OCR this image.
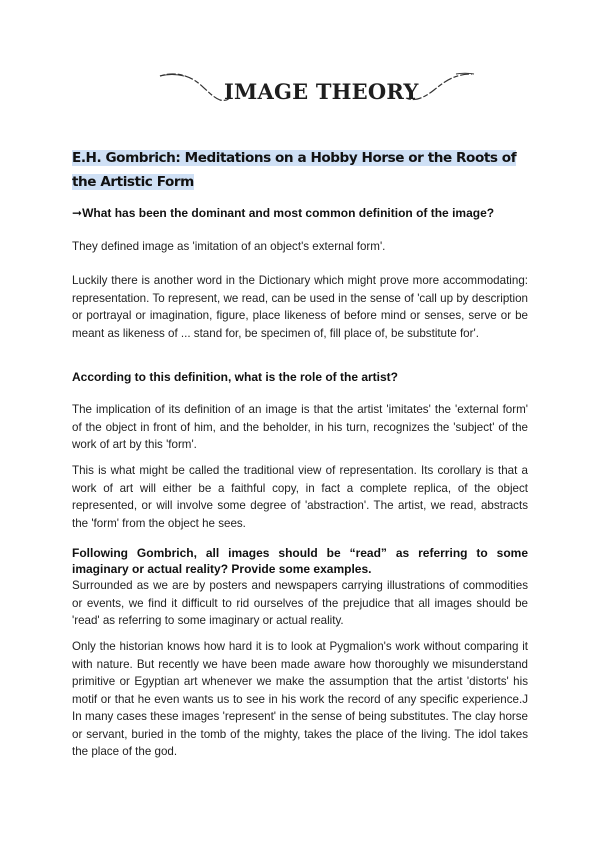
IMAGE THEORY
E.H. Gombrich: Meditations on a Hobby Horse or the Roots of the Artistic Form
➞What has been the dominant and most common definition of the image?
They defined image as 'imitation of an object's external form'.
Luckily there is another word in the Dictionary which might prove more accommodating: representation. To represent, we read, can be used in the sense of 'call up by description or portrayal or imagination, figure, place likeness of before mind or senses, serve or be meant as likeness of ... stand for, be specimen of, fill place of, be substitute for'.
According to this definition, what is the role of the artist?
The implication of its definition of an image is that the artist 'imitates' the 'external form' of the object in front of him, and the beholder, in his turn, recognizes the 'subject' of the work of art by this 'form'.
This is what might be called the traditional view of representation. Its corollary is that a work of art will either be a faithful copy, in fact a complete replica, of the object represented, or will involve some degree of 'abstraction'. The artist, we read, abstracts the 'form' from the object he sees.
Following Gombrich, all images should be “read” as referring to some imaginary or actual reality? Provide some examples.
Surrounded as we are by posters and newspapers carrying illustrations of commodities or events, we find it difficult to rid ourselves of the prejudice that all images should be 'read' as referring to some imaginary or actual reality.
Only the historian knows how hard it is to look at Pygmalion's work without comparing it with nature. But recently we have been made aware how thoroughly we misunderstand primitive or Egyptian art whenever we make the assumption that the artist 'distorts' his motif or that he even wants us to see in his work the record of any specific experience.J In many cases these images 'represent' in the sense of being substitutes. The clay horse or servant, buried in the tomb of the mighty, takes the place of the living. The idol takes the place of the god.
